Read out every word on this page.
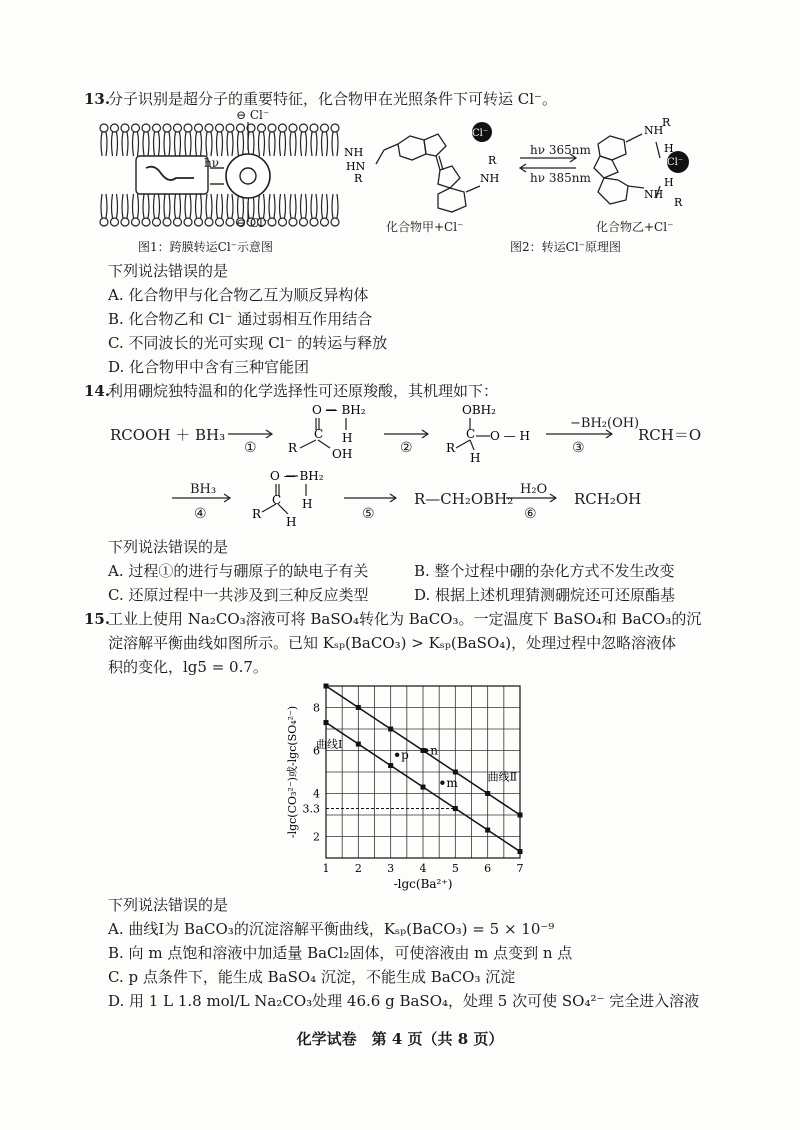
13.
分子识别是超分子的重要特征，化合物甲在光照条件下可转运 Cl⁻。
⊖ Cl⁻
⊖ Cl⁻
hν
图1：跨膜转运Cl⁻示意图
NH
HN
R	NH
R
NH
R
NH
R
H
H
Cl⁻
Cl⁻
hν 365nm
hν 385nm
化合物甲+Cl⁻	化合物乙+Cl⁻
图2：转运Cl⁻原理图
下列说法错误的是
A. 化合物甲与化合物乙互为顺反异构体
B. 化合物乙和 Cl⁻ 通过弱相互作用结合
C. 不同波长的光可实现 Cl⁻ 的转运与释放
D. 化合物甲中含有三种官能团
14.
利用硼烷独特温和的化学选择性可还原羧酸，其机理如下：
O — BH₂
C H
R	OH
OBH₂
C O — H
R
H
O — BH₂
C H
R
H
RCOOH ＋ BH₃
①	②
−BH₂(OH)
③
RCH＝O
BH₃
④	⑤
R—CH₂OBH₂
H₂O
⑥
RCH₂OH
下列说法错误的是
A. 过程①的进行与硼原子的缺电子有关	B. 整个过程中硼的杂化方式不发生改变
C. 还原过程中一共涉及到三种反应类型	D. 根据上述机理猜测硼烷还可还原酯基
15.
工业上使用 Na₂CO₃溶液可将 BaSO₄转化为 BaCO₃。一定温度下 BaSO₄和 BaCO₃的沉
淀溶解平衡曲线如图所示。已知 Kₛₚ(BaCO₃) > Kₛₚ(BaSO₄)，处理过程中忽略溶液体
积的变化，lg5 = 0.7。
n
m
p
曲线Ⅰ
曲线Ⅱ
1 2 3 4 5 6 7
2
4
6
8
3.3
-lgc(Ba²⁺)
-lgc(CO₃²⁻)或-lgc(SO₄²⁻)
下列说法错误的是
A. 曲线Ⅰ为 BaCO₃的沉淀溶解平衡曲线，Kₛₚ(BaCO₃) = 5 × 10⁻⁹
B. 向 m 点饱和溶液中加适量 BaCl₂固体，可使溶液由 m 点变到 n 点
C. p 点条件下，能生成 BaSO₄ 沉淀，不能生成 BaCO₃ 沉淀
D. 用 1 L 1.8 mol/L Na₂CO₃处理 46.6 g BaSO₄，处理 5 次可使 SO₄²⁻ 完全进入溶液
化学试卷　第 4 页（共 8 页）
